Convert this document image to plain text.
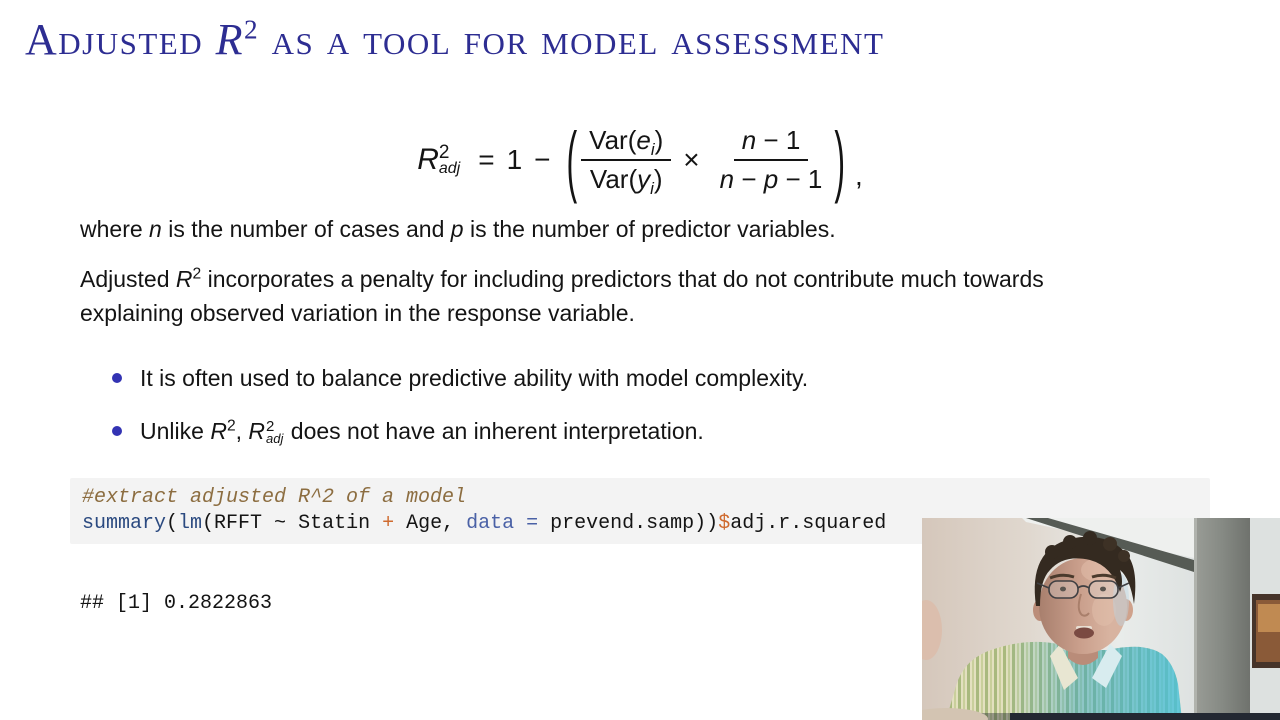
Adjusted $R^2$ as a tool for model assessment
R 2
adj = 1 − ( $\frac{Var(e_i)}{Var(y_i)} \times \frac{n - 1}{n - p - 1}$ ) ,

where n is the number of cases and p is the number of predictor variables.

Adjusted $R^2$ incorporates a penalty for including predictors that do not contribute much towards explaining observed variation in the response variable.

It is often used to balance predictive ability with model complexity.
Unlike $R^2$, R 2
adj does not have an inherent interpretation.
#extract adjusted R^2 of a model
summary(lm(RFFT ~ Statin + Age, data = prevend.samp))$adj.r.squared
## [1] 0.2822863
